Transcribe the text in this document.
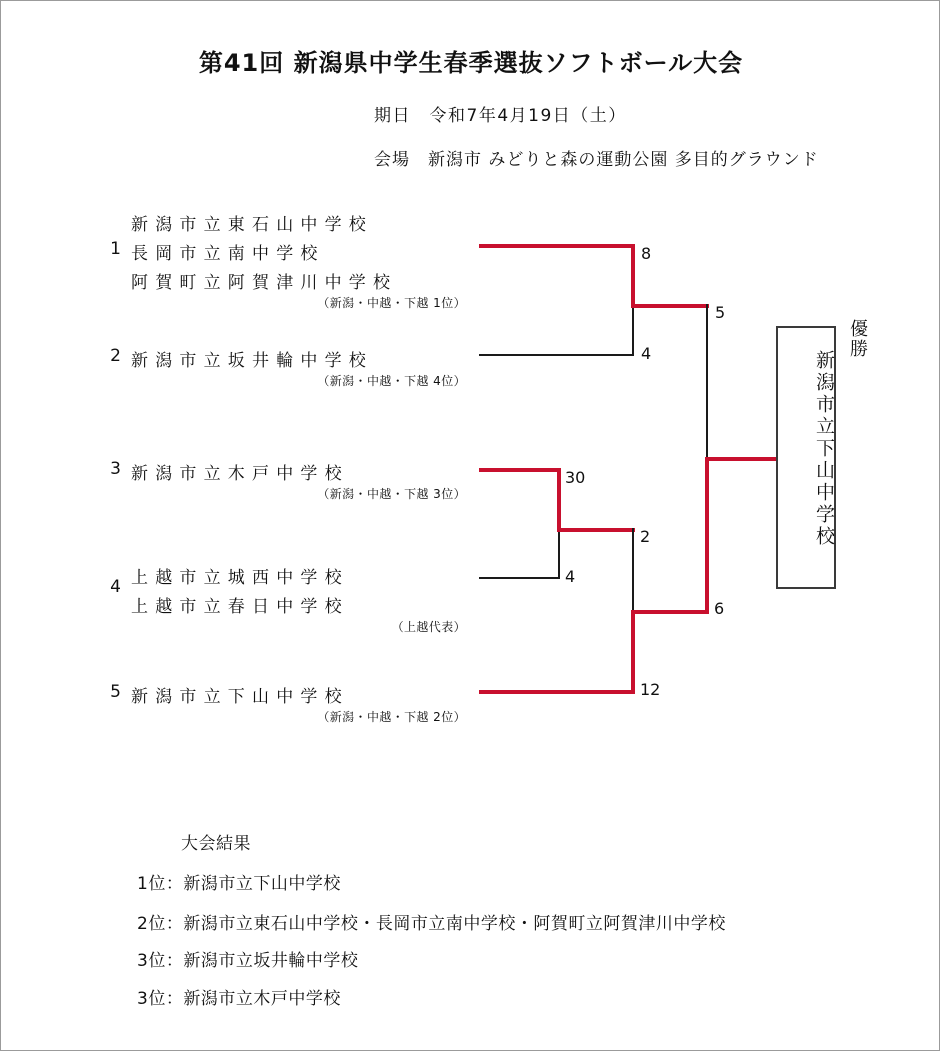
第41回 新潟県中学生春季選抜ソフトボール大会
期日　令和7年4月19日（土）
会場　新潟市 みどりと森の運動公園 多目的グラウンド
1
新潟市立東石山中学校
長岡市立南中学校
阿賀町立阿賀津川中学校
（新潟・中越・下越 1位）
2 新潟市立坂井輪中学校
（新潟・中越・下越 4位）
3 新潟市立木戸中学校
（新潟・中越・下越 3位）
4 上越市立城西中学校
上越市立春日中学校
（上越代表）
5 新潟市立下山中学校
（新潟・中越・下越 2位）
8
4
5
30
4
2
6
12
新潟市立下山中学校
優勝
大会結果
1位：新潟市立下山中学校
2位：新潟市立東石山中学校・長岡市立南中学校・阿賀町立阿賀津川中学校
3位：新潟市立坂井輪中学校
3位：新潟市立木戸中学校
